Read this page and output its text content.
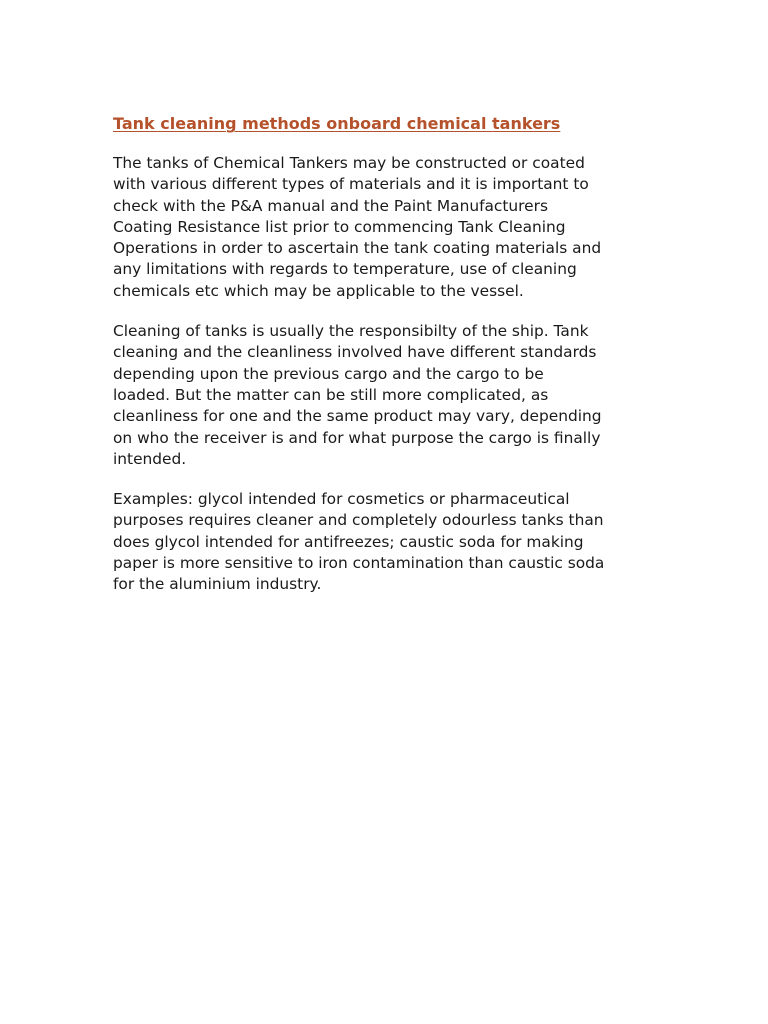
Tank cleaning methods onboard chemical tankers

The tanks of Chemical Tankers may be constructed or coated
with various different types of materials and it is important to
check with the P&A manual and the Paint Manufacturers
Coating Resistance list prior to commencing Tank Cleaning
Operations in order to ascertain the tank coating materials and
any limitations with regards to temperature, use of cleaning
chemicals etc which may be applicable to the vessel.

Cleaning of tanks is usually the responsibilty of the ship. Tank
cleaning and the cleanliness involved have different standards
depending upon the previous cargo and the cargo to be
loaded. But the matter can be still more complicated, as
cleanliness for one and the same product may vary, depending
on who the receiver is and for what purpose the cargo is finally
intended.

Examples: glycol intended for cosmetics or pharmaceutical
purposes requires cleaner and completely odourless tanks than
does glycol intended for antifreezes; caustic soda for making
paper is more sensitive to iron contamination than caustic soda
for the aluminium industry.
